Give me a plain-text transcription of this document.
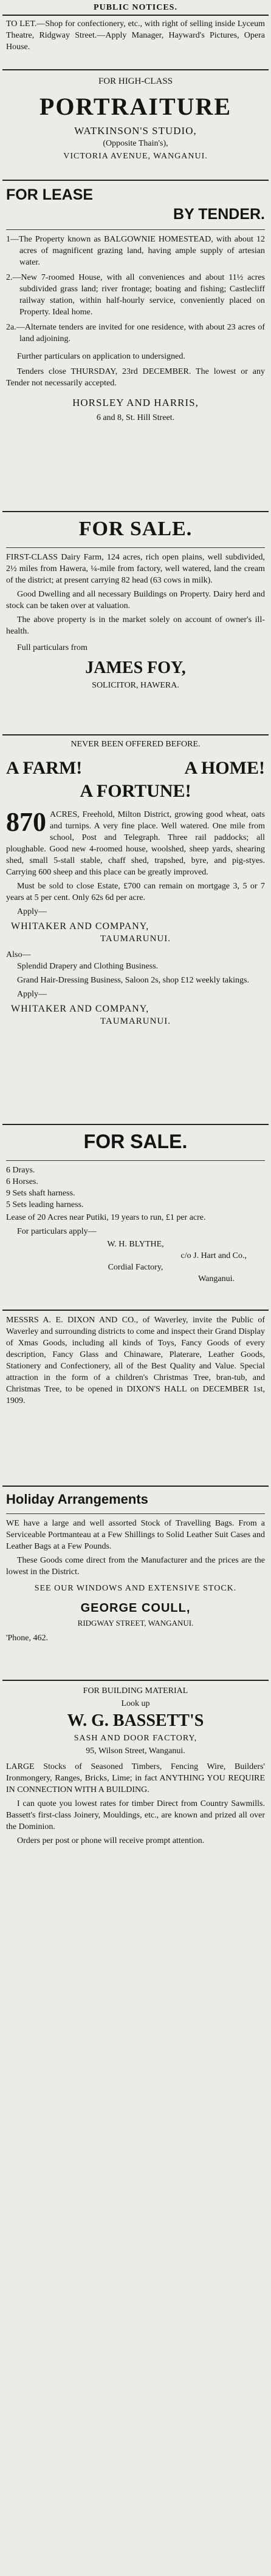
PUBLIC NOTICES.

TO LET.—Shop for confectionery, etc., with right of selling inside Lyceum Theatre, Ridgway Street.—Apply Manager, Hayward's Pictures, Opera House.

FOR HIGH-CLASS

PORTRAITURE

WATKINSON'S STUDIO,

(Opposite Thain's),

VICTORIA AVENUE, WANGANUI.

FOR LEASE
BY TENDER.

1—The Property known as BALGOWNIE HOMESTEAD, with about 12 acres of magnificent grazing land, having ample supply of artesian water.

2.—New 7-roomed House, with all conveniences and about 11½ acres subdivided grass land; river frontage; boating and fishing; Castlecliff railway station, within half-hourly service, conveniently placed on Property. Ideal home.

2a.—Alternate tenders are invited for one residence, with about 23 acres of land adjoining.

Further particulars on application to undersigned.

Tenders close THURSDAY, 23rd DECEMBER. The lowest or any Tender not necessarily accepted.

HORSLEY AND HARRIS,

6 and 8, St. Hill Street.

FOR SALE.

FIRST-CLASS Dairy Farm, 124 acres, rich open plains, well subdivided, 2½ miles from Hawera, ¼-mile from factory, well watered, land the cream of the district; at present carrying 82 head (63 cows in milk).

Good Dwelling and all necessary Buildings on Property. Dairy herd and stock can be taken over at valuation.

The above property is in the market solely on account of owner's ill-health.

Full particulars from

JAMES FOY,

SOLICITOR, HAWERA.

NEVER BEEN OFFERED BEFORE.

A FARM!	A HOME!

A FORTUNE!

870 ACRES, Freehold, Milton District, growing good wheat, oats and turnips. A very fine place. Well watered. One mile from school, Post and Telegraph. Three rail paddocks; all ploughable. Good new 4-roomed house, woolshed, sheep yards, shearing shed, small 5-stall stable, chaff shed, trapshed, byre, and pig-styes. Carrying 600 sheep and this place can be greatly improved.

Must be sold to close Estate, £700 can remain on mortgage 3, 5 or 7 years at 5 per cent. Only 62s 6d per acre.

Apply—

WHITAKER AND COMPANY,

TAUMARUNUI.

Also—

Splendid Drapery and Clothing Business.

Grand Hair-Dressing Business, Saloon 2s, shop £12 weekly takings.

Apply—

WHITAKER AND COMPANY,

TAUMARUNUI.

FOR SALE.

6 Drays.

6 Horses.

9 Sets shaft harness.

5 Sets leading harness.

Lease of 20 Acres near Putiki, 19 years to run, £1 per acre.

For particulars apply—

W. H. BLYTHE,

c/o J. Hart and Co.,

Cordial Factory,

Wanganui.

MESSRS A. E. DIXON AND CO., of Waverley, invite the Public of Waverley and surrounding districts to come and inspect their Grand Display of Xmas Goods, including all kinds of Toys, Fancy Goods of every description, Fancy Glass and Chinaware, Platerare, Leather Goods, Stationery and Confectionery, all of the Best Quality and Value. Special attraction in the form of a children's Christmas Tree, bran-tub, and Christmas Tree, to be opened in DIXON'S HALL on DECEMBER 1st, 1909.

Holiday Arrangements

WE have a large and well assorted Stock of Travelling Bags. From a Serviceable Portmanteau at a Few Shillings to Solid Leather Suit Cases and Leather Bags at a Few Pounds.

These Goods come direct from the Manufacturer and the prices are the lowest in the District.

SEE OUR WINDOWS AND EXTENSIVE STOCK.

GEORGE COULL,

RIDGWAY STREET, WANGANUI.

'Phone, 462.

FOR BUILDING MATERIAL

Look up

W. G. BASSETT'S

SASH AND DOOR FACTORY,

95, Wilson Street, Wanganui.

LARGE Stocks of Seasoned Timbers, Fencing Wire, Builders' Ironmongery, Ranges, Bricks, Lime; in fact ANYTHING YOU REQUIRE IN CONNECTION WITH A BUILDING.

I can quote you lowest rates for timber Direct from Country Sawmills. Bassett's first-class Joinery, Mouldings, etc., are known and prized all over the Dominion.

Orders per post or phone will receive prompt attention.
